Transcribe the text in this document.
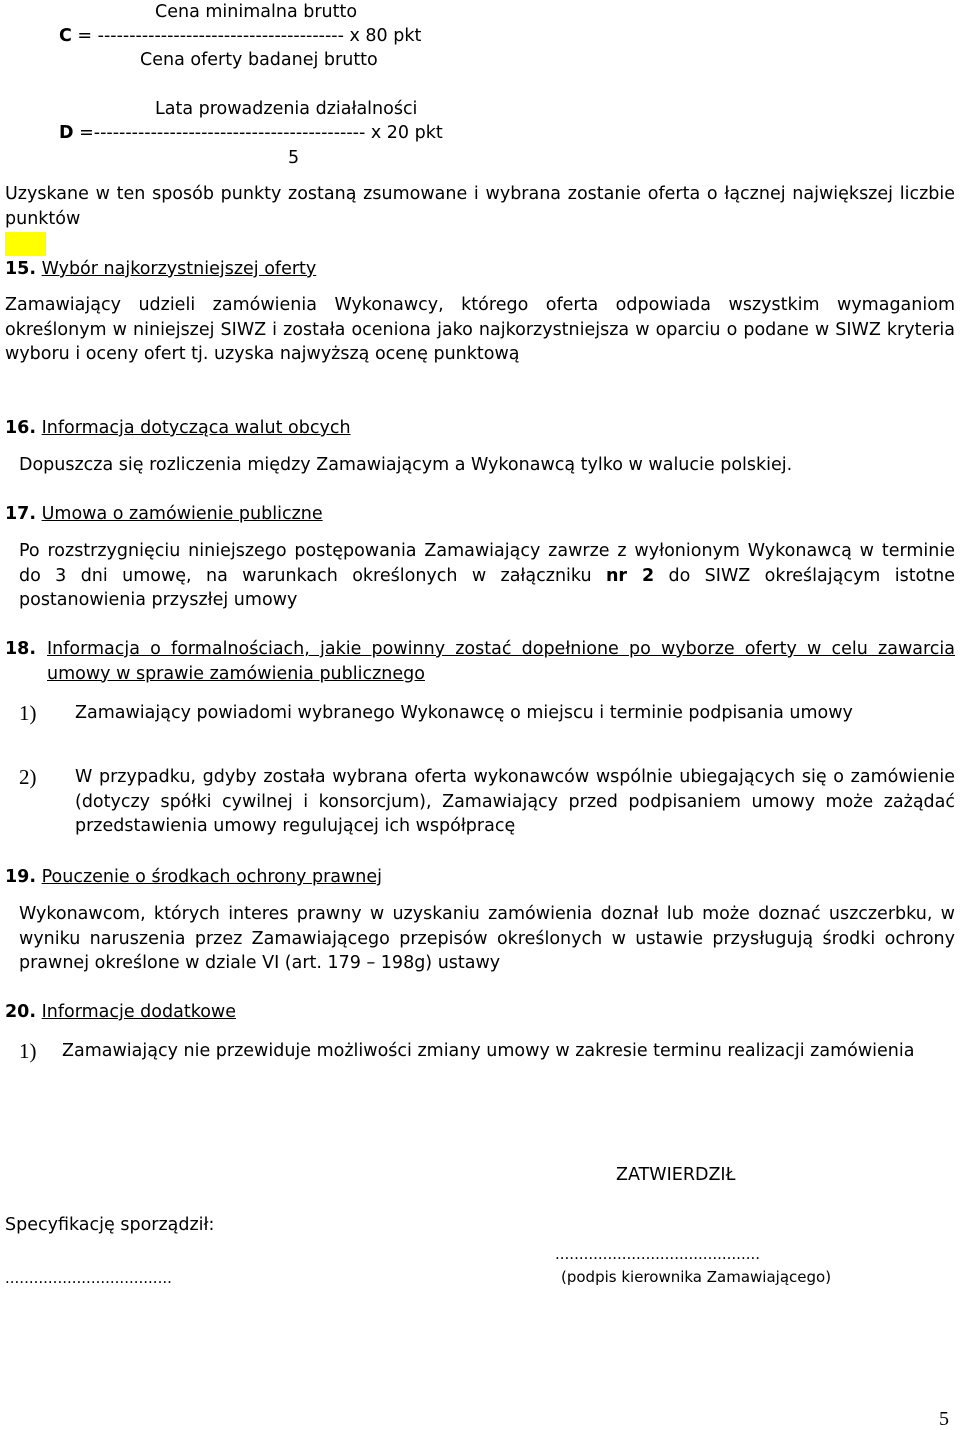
Cena minimalna brutto
C = --------------------------------------- x 80 pkt
Cena oferty badanej brutto
Lata prowadzenia działalności
D =------------------------------------------- x 20 pkt
5
Uzyskane w ten sposób punkty zostaną zsumowane i wybrana zostanie oferta o łącznej największej liczbie punktów
15. Wybór najkorzystniejszej oferty
Zamawiający udzieli zamówienia Wykonawcy, którego oferta odpowiada wszystkim wymaganiom określonym w niniejszej SIWZ i została oceniona jako najkorzystniejsza w oparciu o podane w SIWZ kryteria wyboru i oceny ofert tj. uzyska najwyższą ocenę punktową
16. Informacja dotycząca walut obcych
Dopuszcza się rozliczenia między Zamawiającym a Wykonawcą tylko w walucie polskiej.
17. Umowa o zamówienie publiczne
Po rozstrzygnięciu niniejszego postępowania Zamawiający zawrze z wyłonionym Wykonawcą w terminie do 3 dni umowę, na warunkach określonych w załączniku nr 2 do SIWZ określającym istotne postanowienia przyszłej umowy
18. Informacja o formalnościach, jakie powinny zostać dopełnione po wyborze oferty w celu zawarcia umowy w sprawie zamówienia publicznego
1)	Zamawiający powiadomi wybranego Wykonawcę o miejscu i terminie podpisania umowy
2)	W przypadku, gdyby została wybrana oferta wykonawców wspólnie ubiegających się o zamówienie (dotyczy spółki cywilnej i konsorcjum), Zamawiający przed podpisaniem umowy może zażądać przedstawienia umowy regulującej ich współpracę
19. Pouczenie o środkach ochrony prawnej
Wykonawcom, których interes prawny w uzyskaniu zamówienia doznał lub może doznać uszczerbku, w wyniku naruszenia przez Zamawiającego przepisów określonych w ustawie przysługują środki ochrony prawnej określone w dziale VI (art. 179 – 198g) ustawy
20. Informacje dodatkowe
1)	Zamawiający nie przewiduje możliwości zmiany umowy w zakresie terminu realizacji zamówienia
ZATWIERDZIŁ
Specyfikację sporządził:
...........................................
...................................	(podpis kierownika Zamawiającego)
5
